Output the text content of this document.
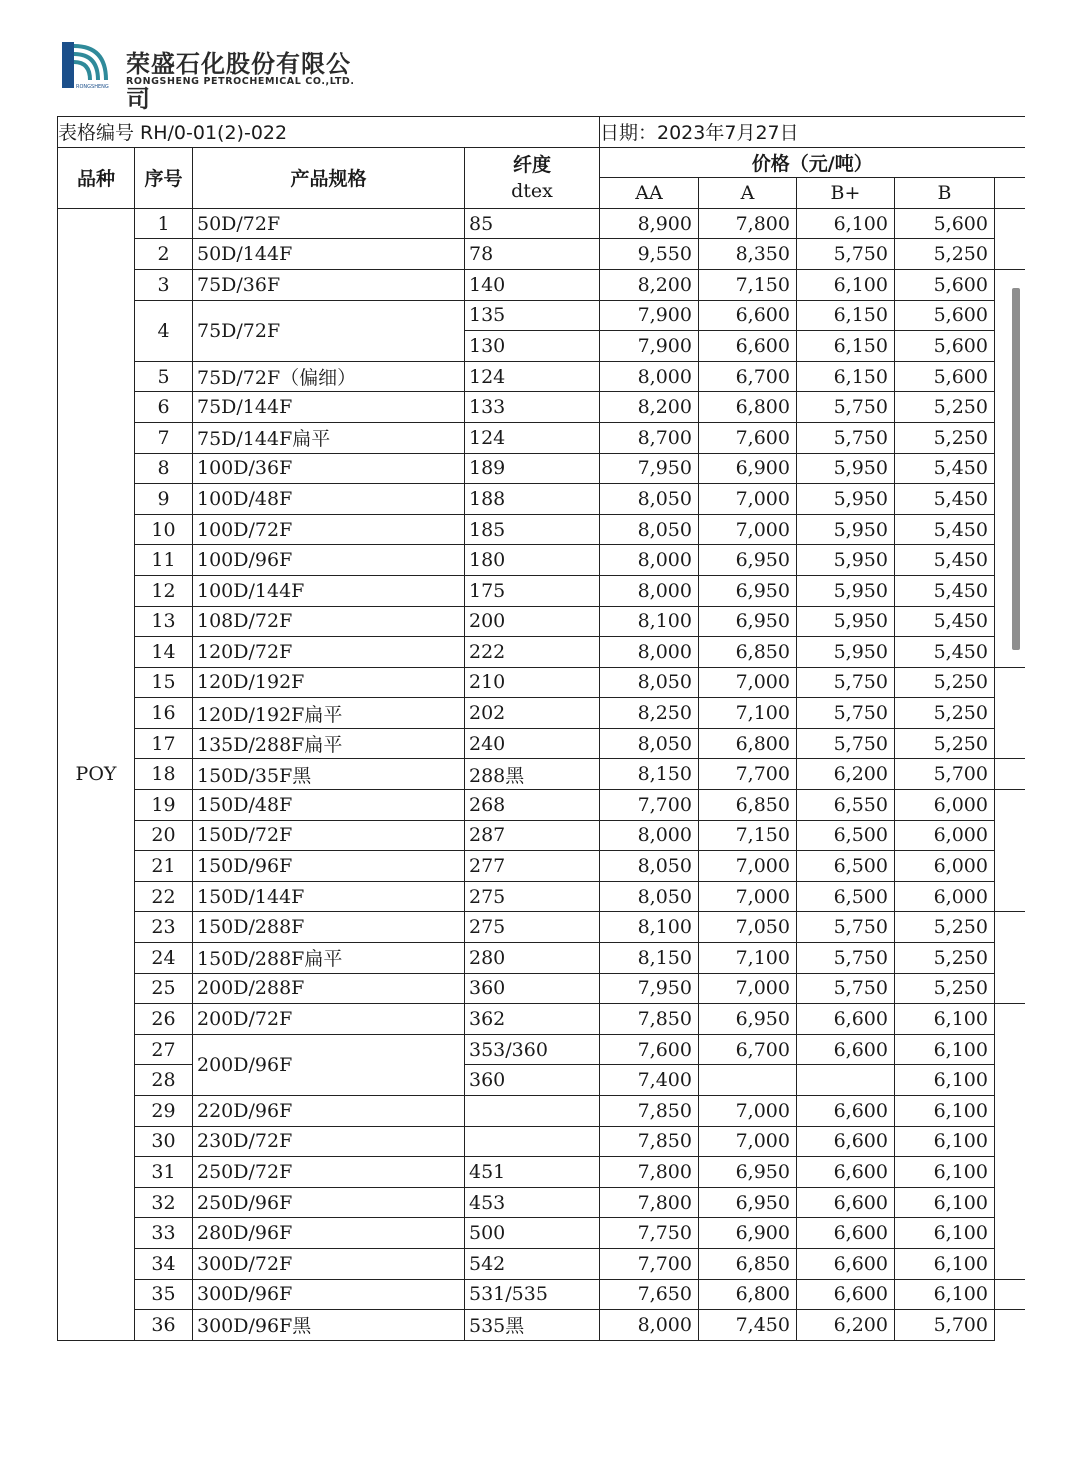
RONGSHENG
荣盛石化股份有限公司
RONGSHENG PETROCHEMICAL CO.,LTD.
表格编号 RH/0-01(2)-022				日期：2023年7月27日				
品种	序号	产品规格	纤度
dtex	价格（元/吨）				
				AA	A	B+	B	
POY	1	50D/72F	85	8,900	7,800	6,100	5,600	
	2	50D/144F	78	9,550	8,350	5,750	5,250	
	3	75D/36F	140	8,200	7,150	6,100	5,600	
	4	75D/72F	135	7,900	6,600	6,150	5,600	
			130	7,900	6,600	6,150	5,600	
	5	75D/72F（偏细）	124	8,000	6,700	6,150	5,600	
	6	75D/144F	133	8,200	6,800	5,750	5,250	
	7	75D/144F扁平	124	8,700	7,600	5,750	5,250	
	8	100D/36F	189	7,950	6,900	5,950	5,450	
	9	100D/48F	188	8,050	7,000	5,950	5,450	
	10	100D/72F	185	8,050	7,000	5,950	5,450	
	11	100D/96F	180	8,000	6,950	5,950	5,450	
	12	100D/144F	175	8,000	6,950	5,950	5,450	
	13	108D/72F	200	8,100	6,950	5,950	5,450	
	14	120D/72F	222	8,000	6,850	5,950	5,450	
	15	120D/192F	210	8,050	7,000	5,750	5,250	
	16	120D/192F扁平	202	8,250	7,100	5,750	5,250	
	17	135D/288F扁平	240	8,050	6,800	5,750	5,250	
	18	150D/35F黑	288黑	8,150	7,700	6,200	5,700	
	19	150D/48F	268	7,700	6,850	6,550	6,000	
	20	150D/72F	287	8,000	7,150	6,500	6,000	
	21	150D/96F	277	8,050	7,000	6,500	6,000	
	22	150D/144F	275	8,050	7,000	6,500	6,000	
	23	150D/288F	275	8,100	7,050	5,750	5,250	
	24	150D/288F扁平	280	8,150	7,100	5,750	5,250	
	25	200D/288F	360	7,950	7,000	5,750	5,250	
	26	200D/72F	362	7,850	6,950	6,600	6,100	
	27	200D/96F	353/360	7,600	6,700	6,600	6,100	
	28		360	7,400			6,100	
	29	220D/96F		7,850	7,000	6,600	6,100	
	30	230D/72F		7,850	7,000	6,600	6,100	
	31	250D/72F	451	7,800	6,950	6,600	6,100	
	32	250D/96F	453	7,800	6,950	6,600	6,100	
	33	280D/96F	500	7,750	6,900	6,600	6,100	
	34	300D/72F	542	7,700	6,850	6,600	6,100	
	35	300D/96F	531/535	7,650	6,800	6,600	6,100	
	36	300D/96F黑	535黑	8,000	7,450	6,200	5,700	
